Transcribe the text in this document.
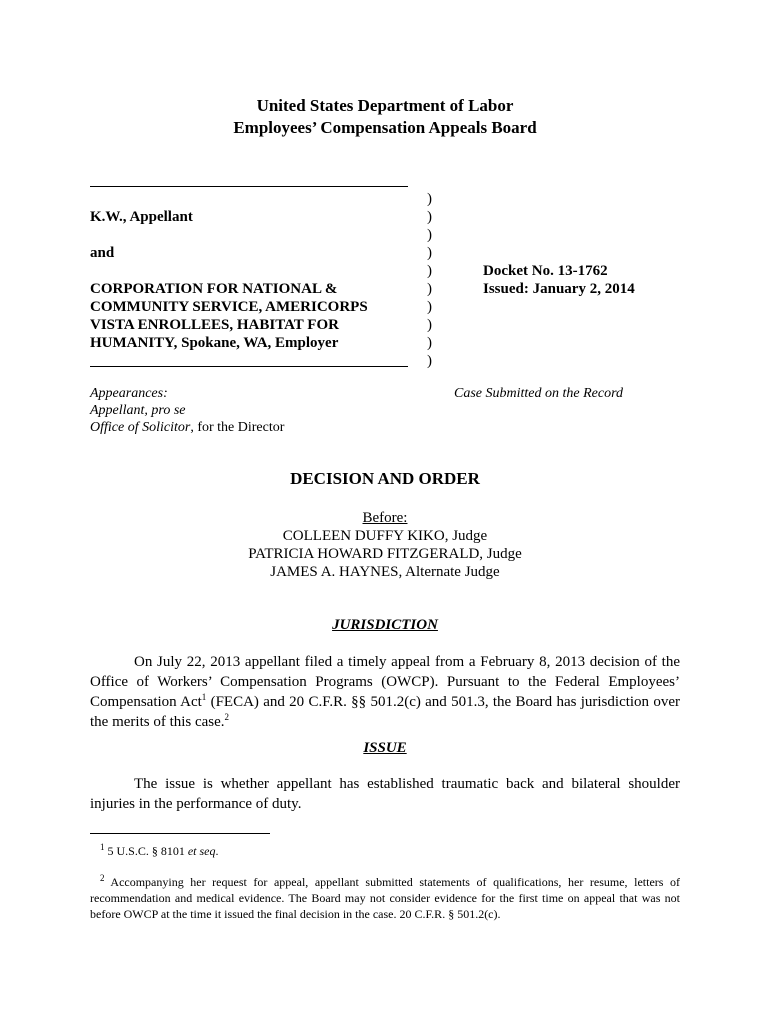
United States Department of Labor
Employees’ Compensation Appeals Board
K.W., Appellant
and
CORPORATION FOR NATIONAL &
COMMUNITY SERVICE, AMERICORPS
VISTA ENROLLEES, HABITAT FOR
HUMANITY, Spokane, WA, Employer
)
)
)
)
)
)
)
)
)
)
Docket No. 13-1762
Issued: January 2, 2014
Appearances:
Appellant, pro se
Office of Solicitor, for the Director
Case Submitted on the Record
DECISION AND ORDER
Before:
COLLEEN DUFFY KIKO, Judge
PATRICIA HOWARD FITZGERALD, Judge
JAMES A. HAYNES, Alternate Judge
JURISDICTION
On July 22, 2013 appellant filed a timely appeal from a February 8, 2013 decision of the Office of Workers’ Compensation Programs (OWCP). Pursuant to the Federal Employees’ Compensation Act$^1$ (FECA) and 20 C.F.R. §§ 501.2(c) and 501.3, the Board has jurisdiction over the merits of this case.$^2$
ISSUE
The issue is whether appellant has established traumatic back and bilateral shoulder injuries in the performance of duty.
$^1$ 5 U.S.C. § 8101 et seq.
$^2$ Accompanying her request for appeal, appellant submitted statements of qualifications, her resume, letters of recommendation and medical evidence. The Board may not consider evidence for the first time on appeal that was not before OWCP at the time it issued the final decision in the case. 20 C.F.R. § 501.2(c).
